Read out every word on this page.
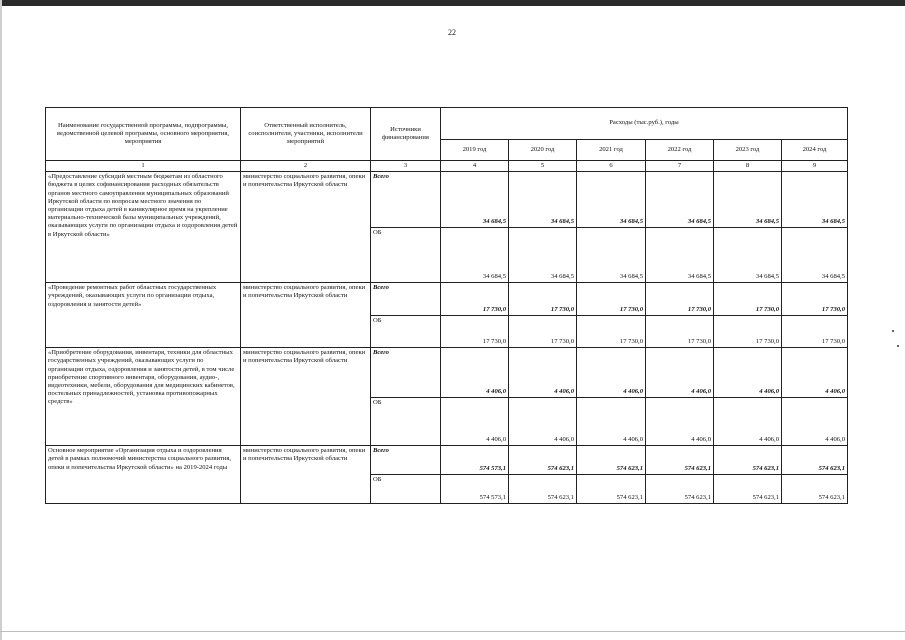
22
Наименование государственной программы, подпрограммы, ведомственной целевой программы, основного мероприятия, мероприятия	Ответственный исполнитель, соисполнители, участники, исполнители мероприятий	Источники финансирования	Расходы (тыс.руб.), годы					
			2019 год	2020 год	2021 год	2022 год	2023 год	2024 год
1	2	3	4	5	6	7	8	9
«Предоставление субсидий местным бюджетам из областного бюджета в целях софинансирования расходных обязательств органов местного самоуправления муниципальных образований Иркутской области по вопросам местного значения по организации отдыха детей в каникулярное время на укрепление материально-технической базы муниципальных учреждений, оказывающих услуги по организации отдыха и оздоровления детей в Иркутской области»	министерство социального развития, опеки и попечительства Иркутской области	Всего	34 684,5	34 684,5	34 684,5	34 684,5	34 684,5	34 684,5
		ОБ	34 684,5	34 684,5	34 684,5	34 684,5	34 684,5	34 684,5
«Проведение ремонтных работ областных государственных учреждений, оказывающих услуги по организации отдыха, оздоровления и занятости детей»	министерство социального развития, опеки и попечительства Иркутской области	Всего	17 730,0	17 730,0	17 730,0	17 730,0	17 730,0	17 730,0
		ОБ	17 730,0	17 730,0	17 730,0	17 730,0	17 730,0	17 730,0
«Приобретение оборудования, инвентаря, техники для областных государственных учреждений, оказывающих услуги по организации отдыха, оздоровления и занятости детей, в том числе приобретение спортивного инвентаря, оборудования, аудио-, видеотехники, мебели, оборудования для медицинских кабинетов, постельных принадлежностей, установка противопожарных средств»	министерство социального развития, опеки и попечительства Иркутской области	Всего	4 406,0	4 406,0	4 406,0	4 406,0	4 406,0	4 406,0
		ОБ	4 406,0	4 406,0	4 406,0	4 406,0	4 406,0	4 406,0
Основное мероприятие «Организация отдыха и оздоровления детей в рамках полномочий министерства социального развития, опеки и попечительства Иркутской области» на 2019-2024 годы	министерство социального развития, опеки и попечительства Иркутской области	Всего	574 573,1	574 623,1	574 623,1	574 623,1	574 623,1	574 623,1
		ОБ	574 573,1	574 623,1	574 623,1	574 623,1	574 623,1	574 623,1
